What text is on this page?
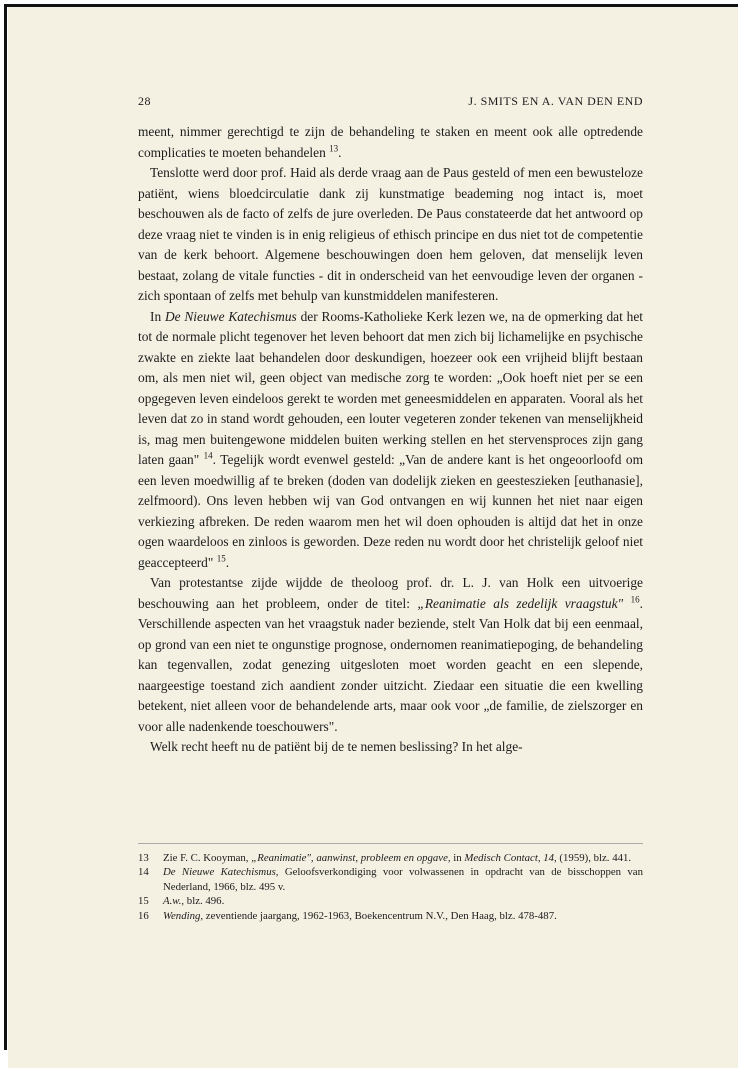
28	J. SMITS EN A. VAN DEN END

meent, nimmer gerechtigd te zijn de behandeling te staken en meent ook alle optredende complicaties te moeten behandelen $^{13}$.

Tenslotte werd door prof. Haid als derde vraag aan de Paus gesteld of men een bewusteloze patiënt, wiens bloedcirculatie dank zij kunstmatige beademing nog intact is, moet beschouwen als de facto of zelfs de jure overleden. De Paus constateerde dat het antwoord op deze vraag niet te vinden is in enig religieus of ethisch principe en dus niet tot de competentie van de kerk behoort. Algemene beschouwingen doen hem geloven, dat menselijk leven bestaat, zolang de vitale functies - dit in onderscheid van het eenvoudige leven der organen - zich spontaan of zelfs met behulp van kunstmiddelen manifesteren.

In De Nieuwe Katechismus der Rooms-Katholieke Kerk lezen we, na de opmerking dat het tot de normale plicht tegenover het leven behoort dat men zich bij lichamelijke en psychische zwakte en ziekte laat behandelen door deskundigen, hoezeer ook een vrijheid blijft bestaan om, als men niet wil, geen object van medische zorg te worden: „Ook hoeft niet per se een opgegeven leven eindeloos gerekt te worden met geneesmiddelen en apparaten. Vooral als het leven dat zo in stand wordt gehouden, een louter vegeteren zonder tekenen van menselijkheid is, mag men buitengewone middelen buiten werking stellen en het stervensproces zijn gang laten gaan" $^{14}$. Tegelijk wordt evenwel gesteld: „Van de andere kant is het ongeoorloofd om een leven moedwillig af te breken (doden van dodelijk zieken en geesteszieken [euthanasie], zelfmoord). Ons leven hebben wij van God ontvangen en wij kunnen het niet naar eigen verkiezing afbreken. De reden waarom men het wil doen ophouden is altijd dat het in onze ogen waardeloos en zinloos is geworden. Deze reden nu wordt door het christelijk geloof niet geaccepteerd" $^{15}$.

Van protestantse zijde wijdde de theoloog prof. dr. L. J. van Holk een uitvoerige beschouwing aan het probleem, onder de titel: „Reanimatie als zedelijk vraagstuk" $^{16}$. Verschillende aspecten van het vraagstuk nader beziende, stelt Van Holk dat bij een eenmaal, op grond van een niet te ongunstige prognose, ondernomen reanimatiepoging, de behandeling kan tegenvallen, zodat genezing uitgesloten moet worden geacht en een slepende, naargeestige toestand zich aandient zonder uitzicht. Ziedaar een situatie die een kwelling betekent, niet alleen voor de behandelende arts, maar ook voor „de familie, de zielszorger en voor alle nadenkende toeschouwers".

Welk recht heeft nu de patiënt bij de te nemen beslissing? In het alge-

13	Zie F. C. Kooyman, „Reanimatie", aanwinst, probleem en opgave, in Medisch Contact, 14, (1959), blz. 441.
14	De Nieuwe Katechismus, Geloofsverkondiging voor volwassenen in opdracht van de bisschoppen van Nederland, 1966, blz. 495 v.
15	A.w., blz. 496.
16	Wending, zeventiende jaargang, 1962-1963, Boekencentrum N.V., Den Haag, blz. 478-487.
